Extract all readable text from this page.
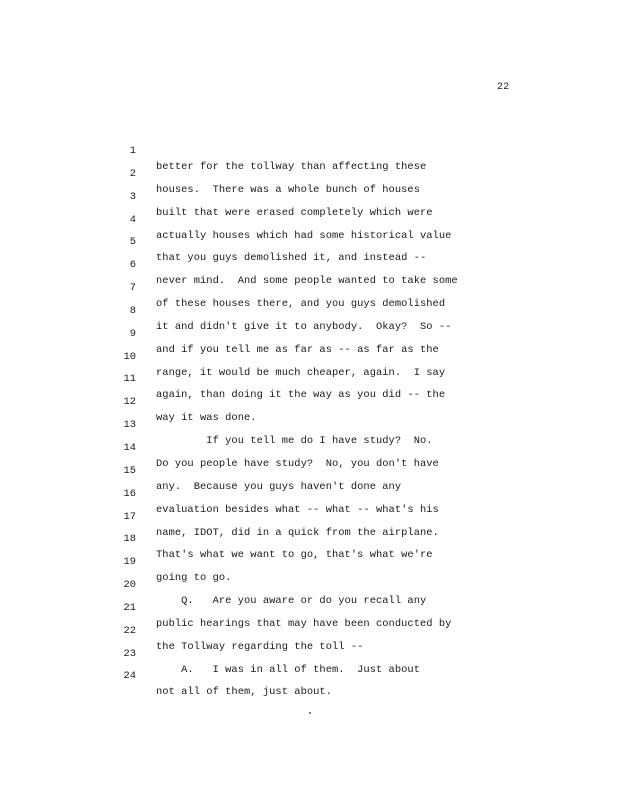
22

1

better for the tollway than affecting these

2

houses.  There was a whole bunch of houses

3

built that were erased completely which were

4

actually houses which had some historical value

5

that you guys demolished it, and instead --

6

never mind.  And some people wanted to take some

7

of these houses there, and you guys demolished

8

it and didn't give it to anybody.  Okay?  So --

9

and if you tell me as far as -- as far as the

10

range, it would be much cheaper, again.  I say

11

again, than doing it the way as you did -- the

12

way it was done.

13

If you tell me do I have study?  No.

14

Do you people have study?  No, you don't have

15

any.  Because you guys haven't done any

16

evaluation besides what -- what -- what's his

17

name, IDOT, did in a quick from the airplane.

18

That's what we want to go, that's what we're

19

going to go.

20

Q.   Are you aware or do you recall any

21

public hearings that may have been conducted by

22

the Tollway regarding the toll --

23

A.   I was in all of them.  Just about

24

not all of them, just about.
